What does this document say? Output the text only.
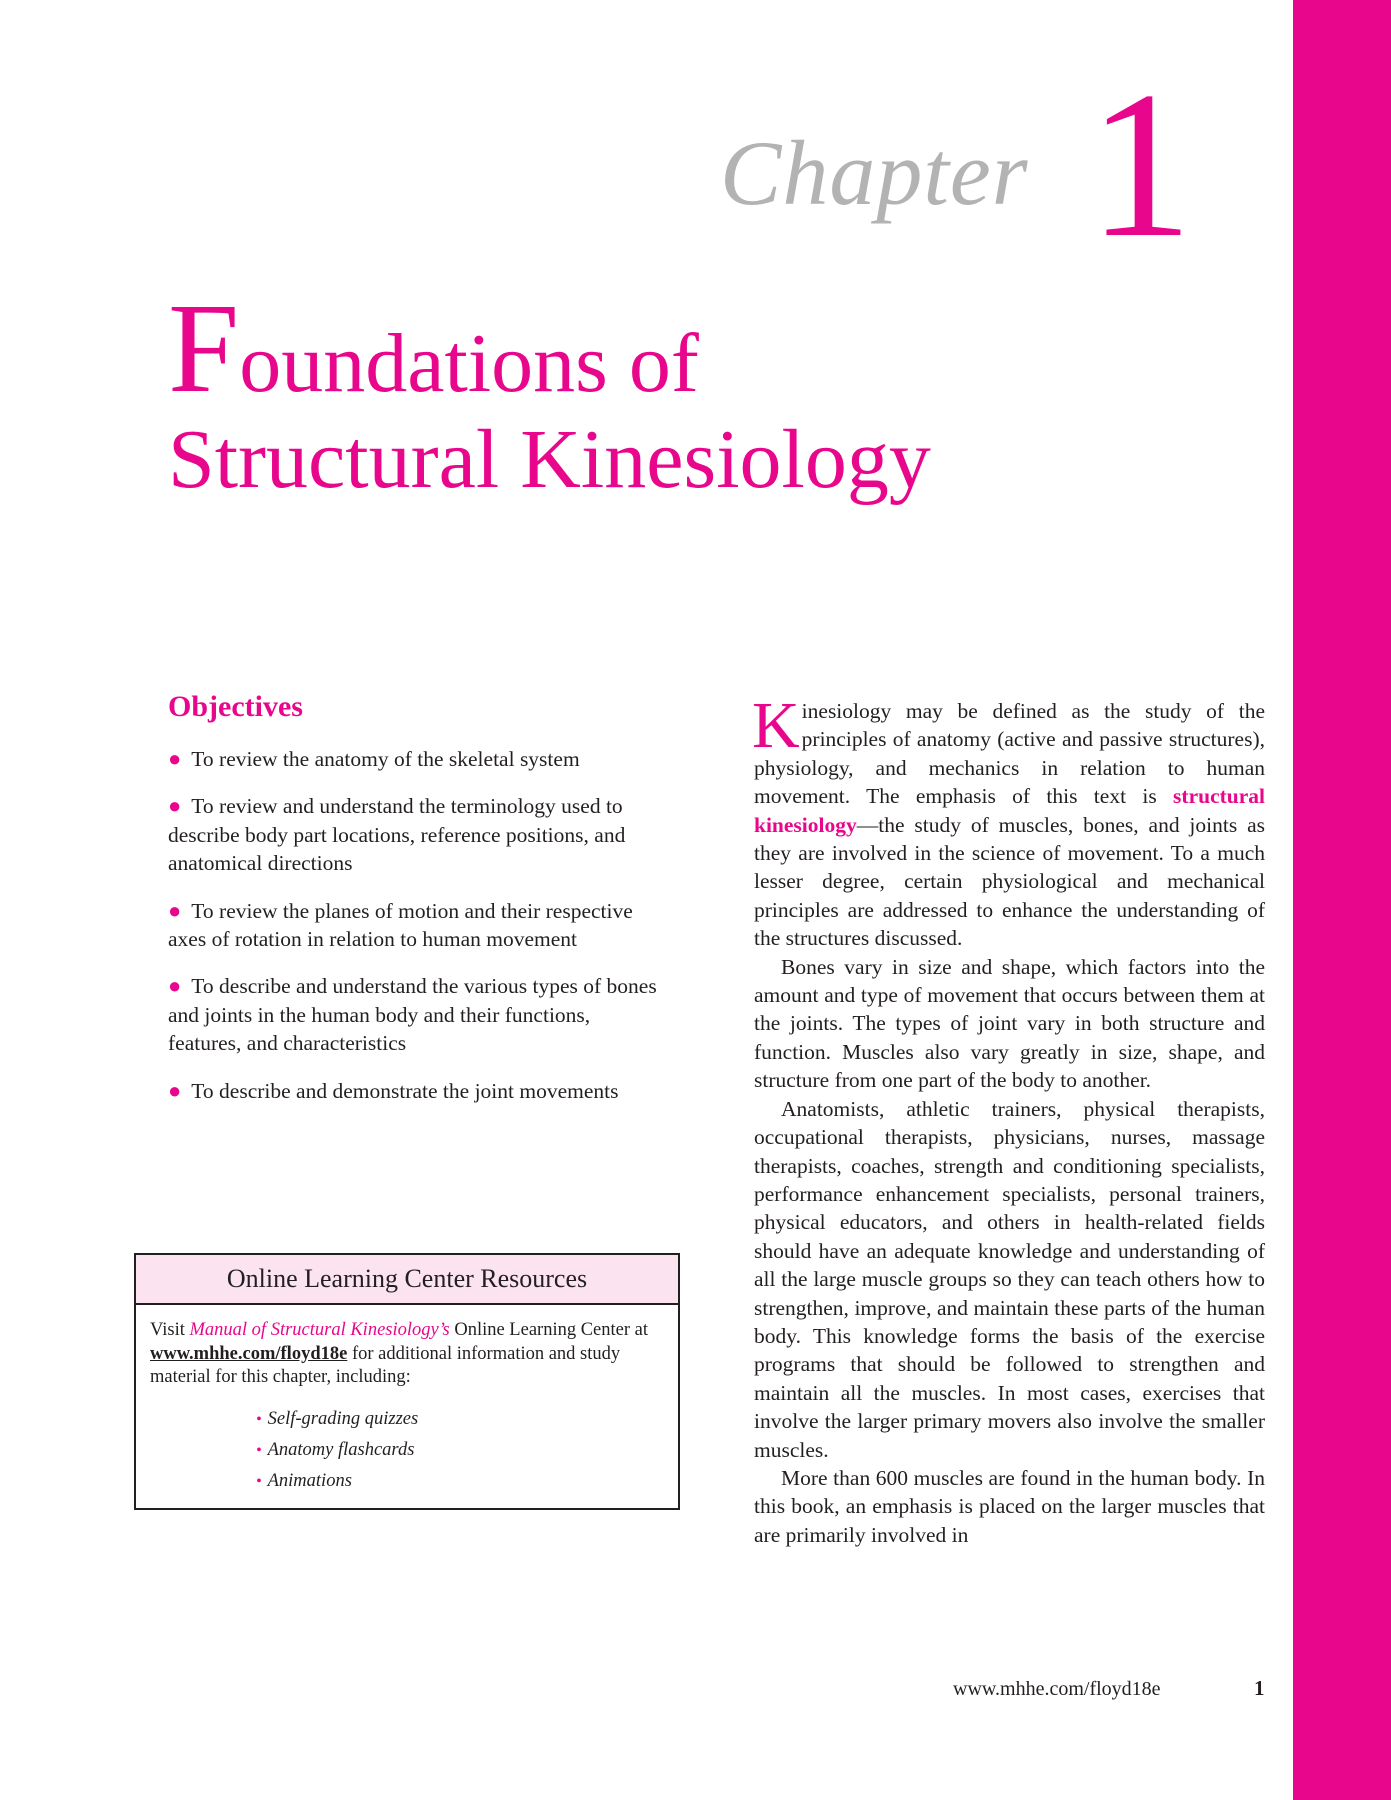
Chapter 1
Foundations of
Structural Kinesiology
Objectives
● To review the anatomy of the skeletal system
● To review and understand the terminology used to describe body part locations, reference positions, and anatomical directions
● To review the planes of motion and their respective axes of rotation in relation to human movement
● To describe and understand the various types of bones and joints in the human body and their functions, features, and characteristics
● To describe and demonstrate the joint movements
Online Learning Center Resources
Visit Manual of Structural Kinesiology’s Online Learning Center at www.mhhe.com/floyd18e for additional information and study material for this chapter, including:
• Self-grading quizzes
• Anatomy flashcards
• Animations

Kinesiology may be defined as the study of the principles of anatomy (active and passive structures), physiology, and mechanics in relation to human movement. The emphasis of this text is structural kinesiology—the study of muscles, bones, and joints as they are involved in the science of movement. To a much lesser degree, certain physiological and mechanical principles are addressed to enhance the understanding of the structures discussed.

Bones vary in size and shape, which factors into the amount and type of movement that occurs between them at the joints. The types of joint vary in both structure and function. Muscles also vary greatly in size, shape, and structure from one part of the body to another.

Anatomists, athletic trainers, physical therapists, occupational therapists, physicians, nurses, massage therapists, coaches, strength and conditioning specialists, performance enhancement specialists, personal trainers, physical educators, and others in health-related fields should have an adequate knowledge and understanding of all the large muscle groups so they can teach others how to strengthen, improve, and maintain these parts of the human body. This knowledge forms the basis of the exercise programs that should be followed to strengthen and maintain all the muscles. In most cases, exercises that involve the larger primary movers also involve the smaller muscles.

More than 600 muscles are found in the human body. In this book, an emphasis is placed on the larger muscles that are primarily involved in

www.mhhe.com/floyd18e	1
